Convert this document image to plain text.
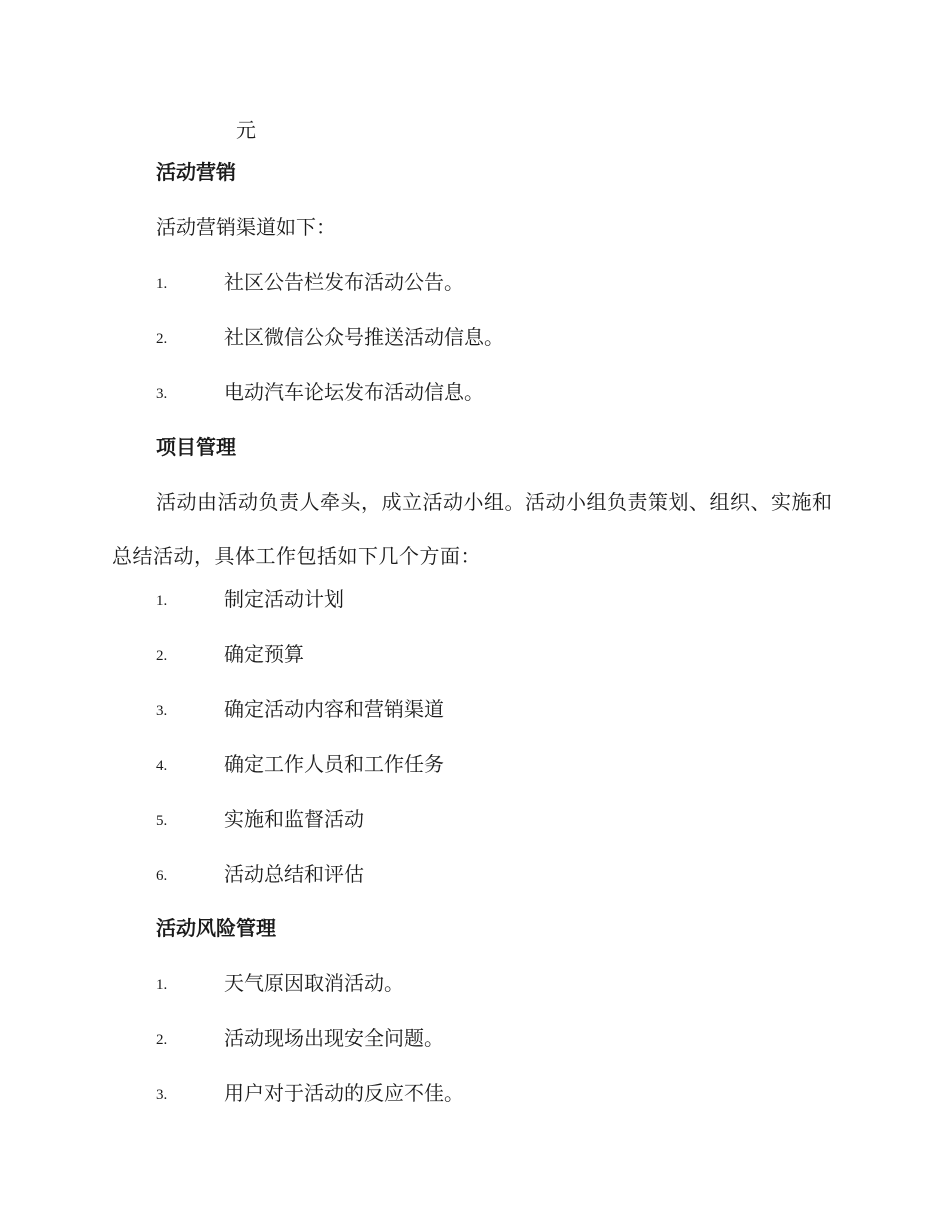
元
活动营销
活动营销渠道如下：
1.	社区公告栏发布活动公告。
2.	社区微信公众号推送活动信息。
3.	电动汽车论坛发布活动信息。
项目管理
活动由活动负责人牵头，成立活动小组。活动小组负责策划、组织、实施和总结活动，具体工作包括如下几个方面：
1.	制定活动计划
2.	确定预算
3.	确定活动内容和营销渠道
4.	确定工作人员和工作任务
5.	实施和监督活动
6.	活动总结和评估
活动风险管理
1.	天气原因取消活动。
2.	活动现场出现安全问题。
3.	用户对于活动的反应不佳。
